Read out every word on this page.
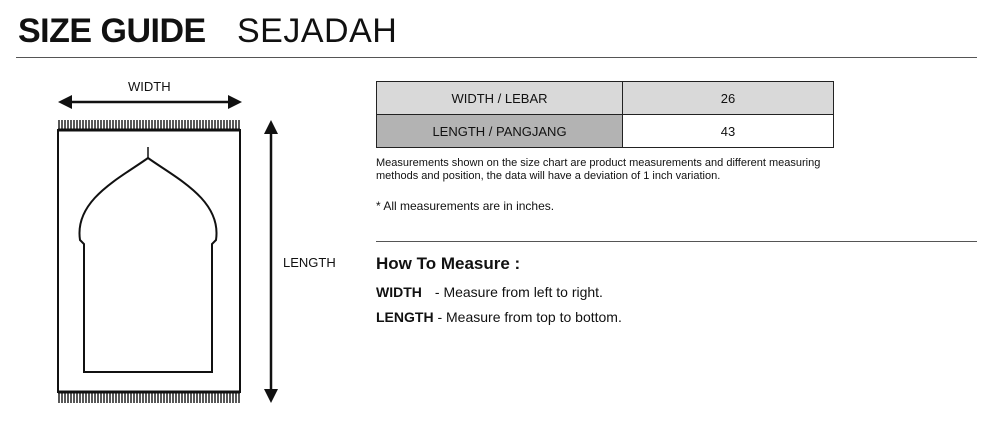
SIZE GUIDE SEJADAH
WIDTH
LENGTH
WIDTH / LEBAR	26
LENGTH / PANGJANG	43
Measurements shown on the size chart are product measurements and different measuring methods and position, the data will have a deviation of 1 inch variation.
* All measurements are in inches.
How To Measure :
WIDTH - Measure from left to right.
LENGTH - Measure from top to bottom.
